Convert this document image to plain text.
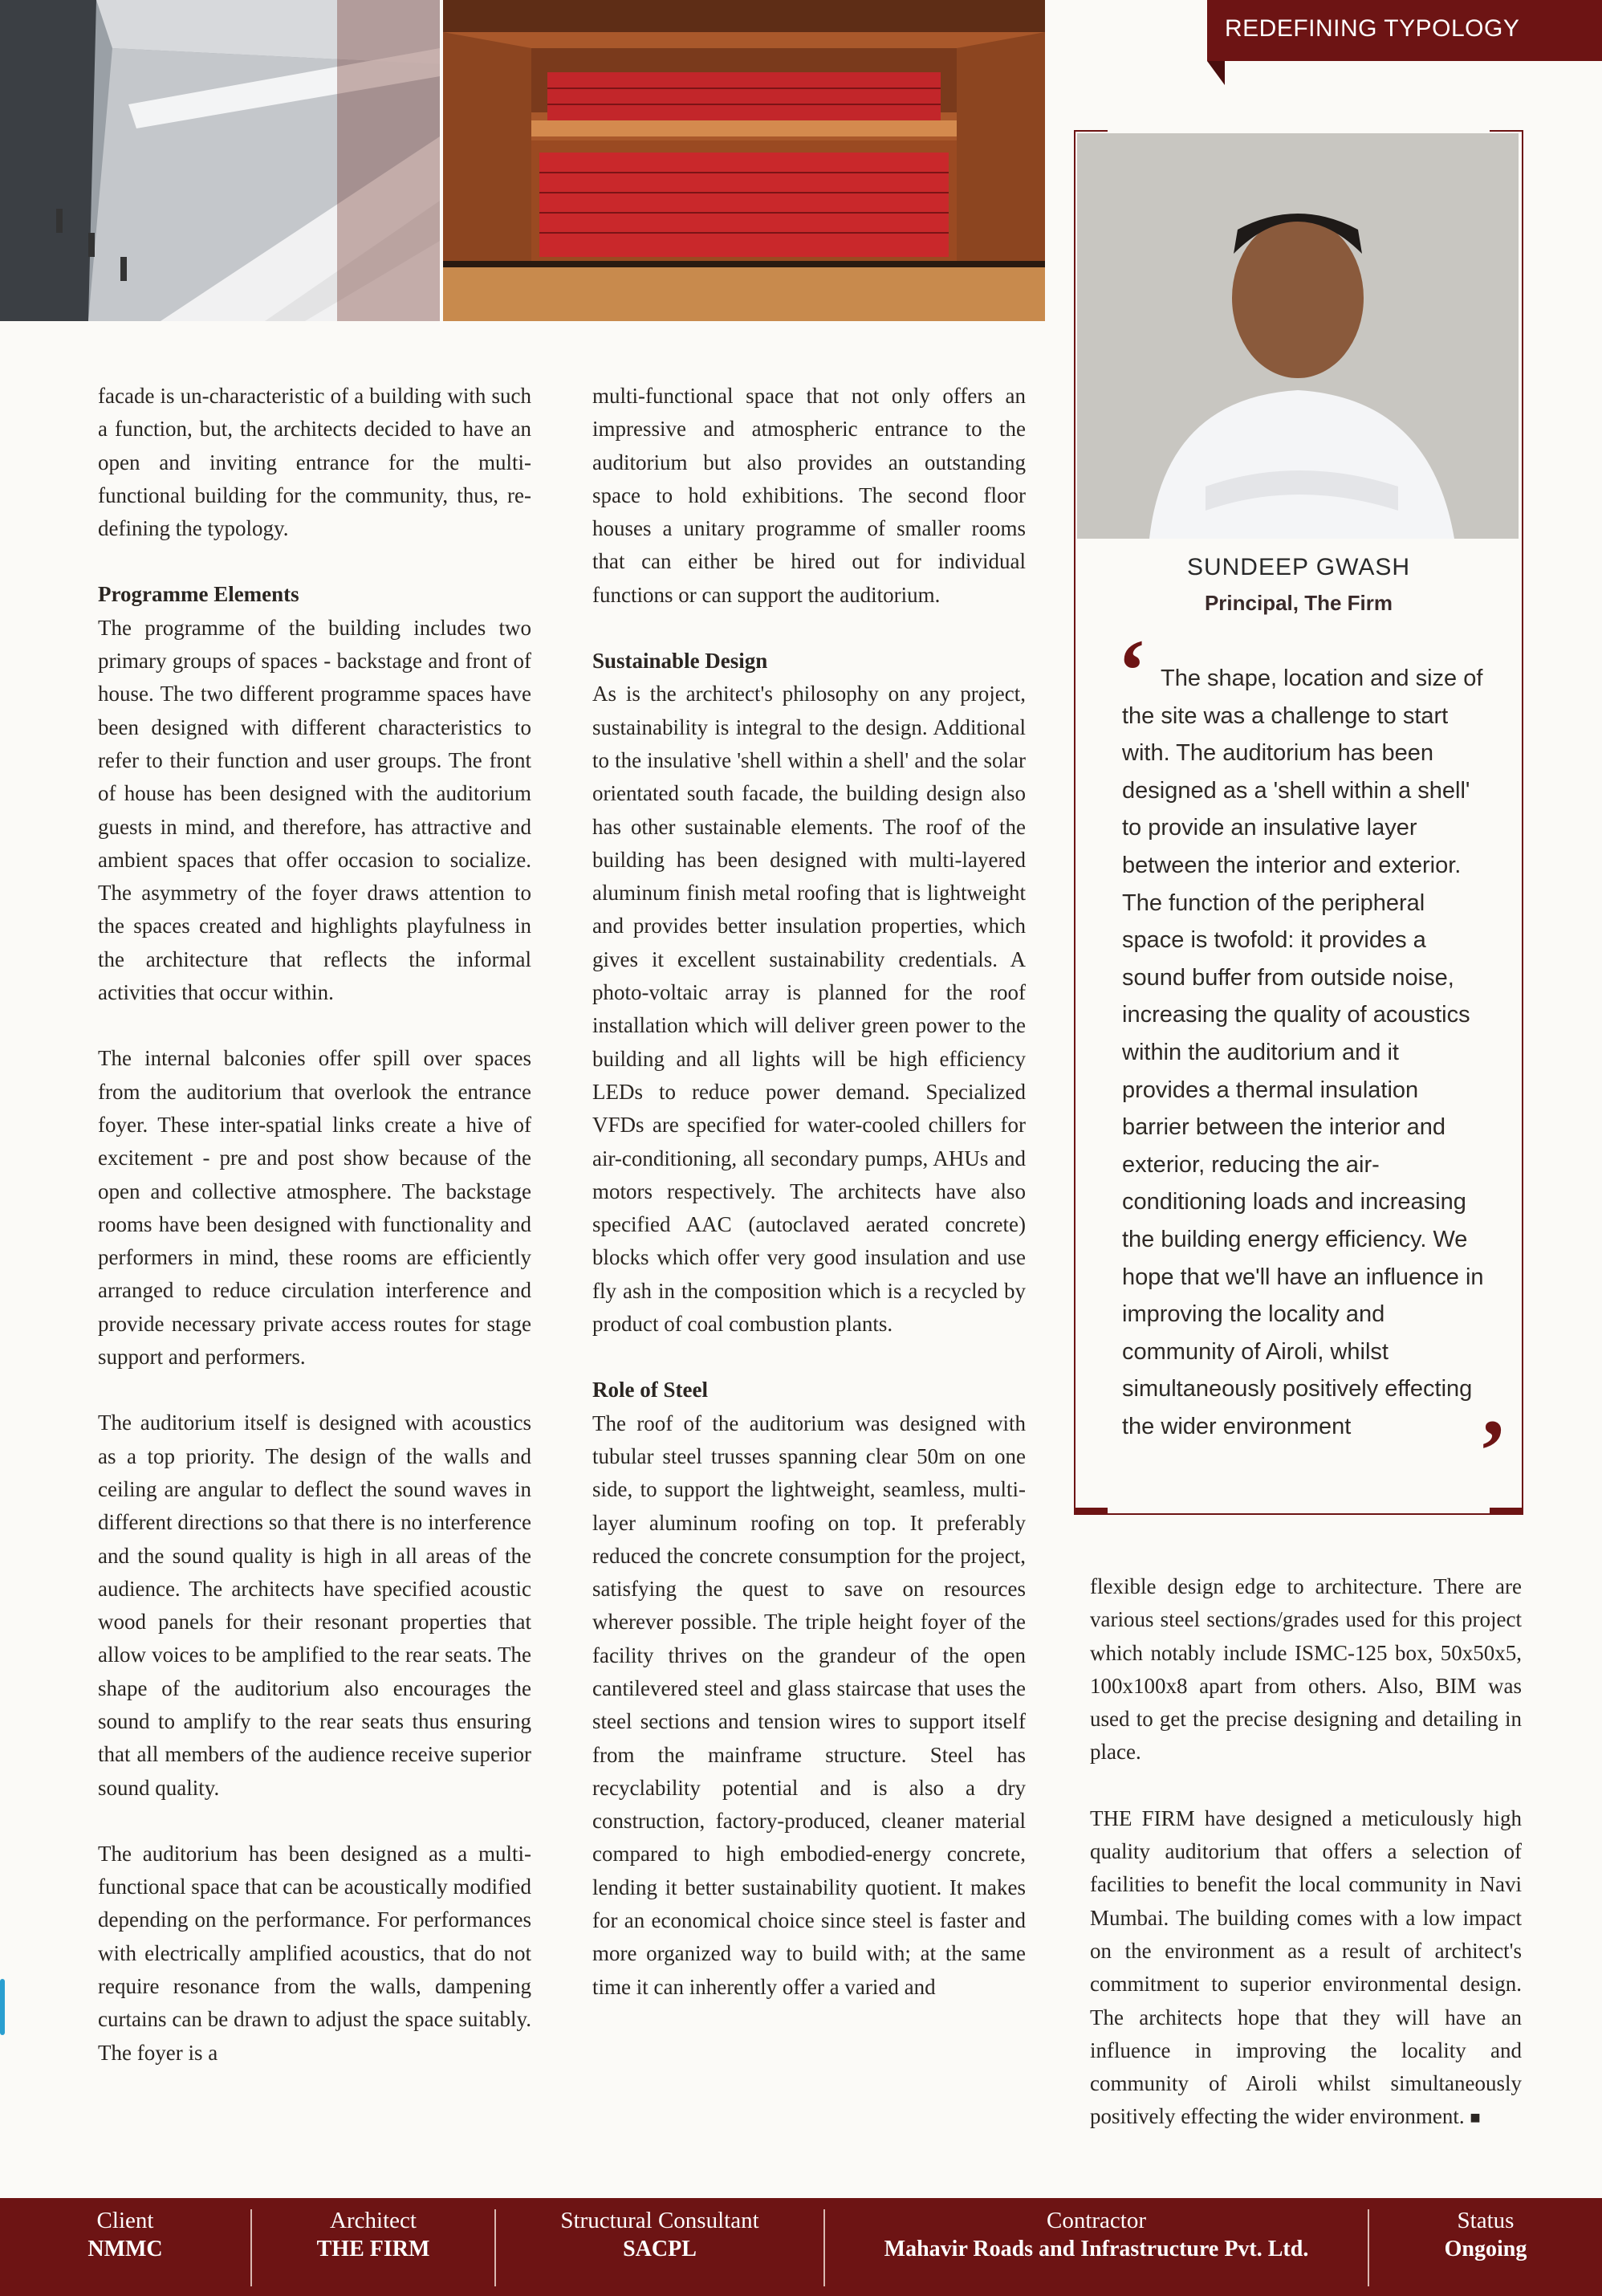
REDEFINING TYPOLOGY

facade is un-characteristic of a building with such a function, but, the architects decided to have an open and inviting entrance for the multi-functional building for the community, thus, re-defining the typology.

Programme Elements

The programme of the building includes two primary groups of spaces - backstage and front of house. The two different programme spaces have been designed with different characteristics to refer to their function and user groups. The front of house has been designed with the auditorium guests in mind, and therefore, has attractive and ambient spaces that offer occasion to socialize. The asymmetry of the foyer draws attention to the spaces created and highlights playfulness in the architecture that reflects the informal activities that occur within.

The internal balconies offer spill over spaces from the auditorium that overlook the entrance foyer. These inter-spatial links create a hive of excitement - pre and post show because of the open and collective atmosphere. The backstage rooms have been designed with functionality and performers in mind, these rooms are efficiently arranged to reduce circulation interference and provide necessary private access routes for stage support and performers.

The auditorium itself is designed with acoustics as a top priority. The design of the walls and ceiling are angular to deflect the sound waves in different directions so that there is no interference and the sound quality is high in all areas of the audience. The architects have specified acoustic wood panels for their resonant properties that allow voices to be amplified to the rear seats. The shape of the auditorium also encourages the sound to amplify to the rear seats thus ensuring that all members of the audience receive superior sound quality.

The auditorium has been designed as a multi-functional space that can be acoustically modified depending on the performance. For performances with electrically amplified acoustics, that do not require resonance from the walls, dampening curtains can be drawn to adjust the space suitably. The foyer is a

multi-functional space that not only offers an impressive and atmospheric entrance to the auditorium but also provides an outstanding space to hold exhibitions. The second floor houses a unitary programme of smaller rooms that can either be hired out for individual functions or can support the auditorium.

Sustainable Design

As is the architect's philosophy on any project, sustainability is integral to the design. Additional to the insulative 'shell within a shell' and the solar orientated south facade, the building design also has other sustainable elements. The roof of the building has been designed with multi-layered aluminum finish metal roofing that is lightweight and provides better insulation properties, which gives it excellent sustainability credentials. A photo-voltaic array is planned for the roof installation which will deliver green power to the building and all lights will be high efficiency LEDs to reduce power demand. Specialized VFDs are specified for water-cooled chillers for air-conditioning, all secondary pumps, AHUs and motors respectively. The architects have also specified AAC (autoclaved aerated concrete) blocks which offer very good insulation and use fly ash in the composition which is a recycled by product of coal combustion plants.

Role of Steel

The roof of the auditorium was designed with tubular steel trusses spanning clear 50m on one side, to support the lightweight, seamless, multi-layer aluminum roofing on top. It preferably reduced the concrete consumption for the project, satisfying the quest to save on resources wherever possible. The triple height foyer of the facility thrives on the grandeur of the open cantilevered steel and glass staircase that uses the steel sections and tension wires to support itself from the mainframe structure. Steel has recyclability potential and is also a dry construction, factory-produced, cleaner material compared to high embodied-energy concrete, lending it better sustainability quotient. It makes for an economical choice since steel is faster and more organized way to build with; at the same time it can inherently offer a varied and

SUNDEEP GWASH
Principal, The Firm
‘ The shape, location and size of the site was a challenge to start with. The auditorium has been designed as a 'shell within a shell' to provide an insulative layer between the interior and exterior. The function of the peripheral space is twofold: it provides a sound buffer from outside noise, increasing the quality of acoustics within the auditorium and it provides a thermal insulation barrier between the interior and exterior, reducing the air-conditioning loads and increasing the building energy efficiency. We hope that we'll have an influence in improving the locality and community of Airoli, whilst simultaneously positively effecting the wider environment ’

flexible design edge to architecture. There are various steel sections/grades used for this project which notably include ISMC-125 box, 50x50x5, 100x100x8 apart from others. Also, BIM was used to get the precise designing and detailing in place.

THE FIRM have designed a meticulously high quality auditorium that offers a selection of facilities to benefit the local community in Navi Mumbai. The building comes with a low impact on the environment as a result of architect's commitment to superior environmental design. The architects hope that they will have an influence in improving the locality and community of Airoli whilst simultaneously positively effecting the wider environment. ■

Client
NMMC
Architect
THE FIRM
Structural Consultant
SACPL
Contractor
Mahavir Roads and Infrastructure Pvt. Ltd.
Status
Ongoing
